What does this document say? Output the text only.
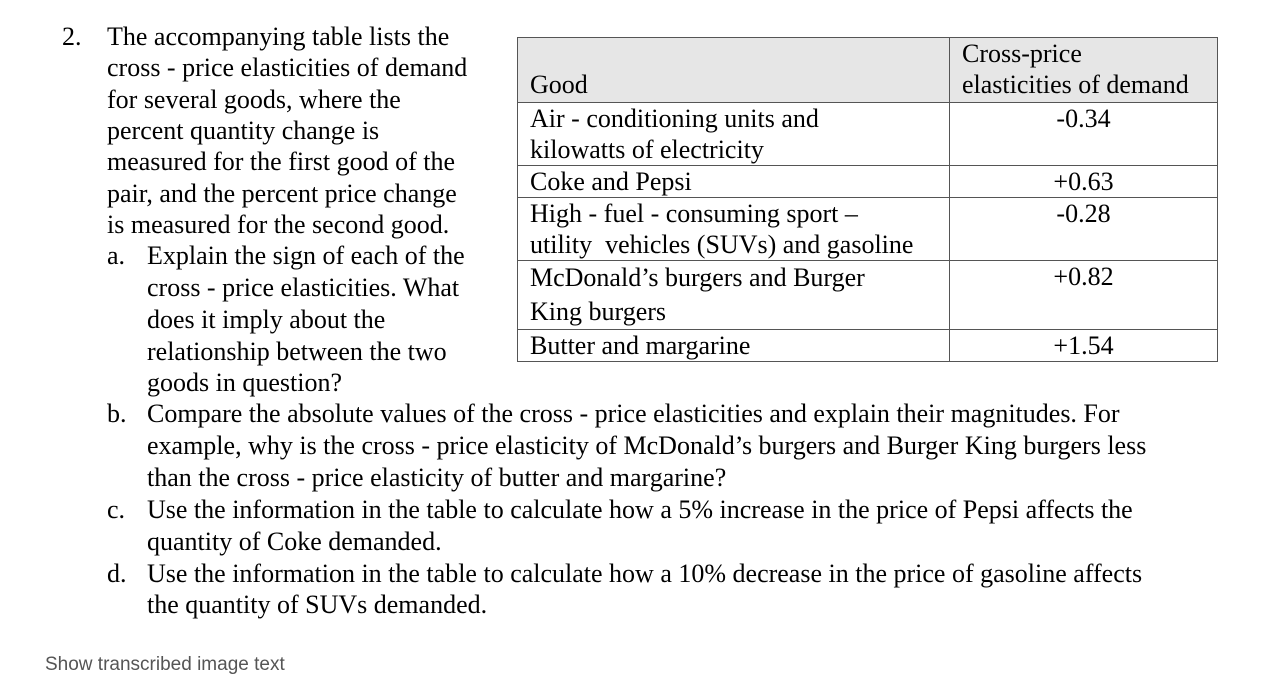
2. The accompanying table lists the

cross - price elasticities of demand

for several goods, where the

percent quantity change is

measured for the first good of the

pair, and the percent price change

is measured for the second good.

a. Explain the sign of each of the

cross - price elasticities. What

does it imply about the

relationship between the two

goods in question?

b. Compare the absolute values of the cross - price elasticities and explain their magnitudes. For

example, why is the cross - price elasticity of McDonald’s burgers and Burger King burgers less

than the cross - price elasticity of butter and margarine?

c. Use the information in the table to calculate how a 5% increase in the price of Pepsi affects the

quantity of Coke demanded.

d. Use the information in the table to calculate how a 10% decrease in the price of gasoline affects

the quantity of SUVs demanded.

Good	Cross-price
elasticities of demand

Air - conditioning units and
kilowatts of electricity	-0.34

Coke and Pepsi	+0.63

High - fuel - consuming sport –
utility  vehicles (SUVs) and gasoline	-0.28

McDonald’s burgers and Burger
King burgers	+0.82

Butter and margarine	+1.54
Show transcribed image text
